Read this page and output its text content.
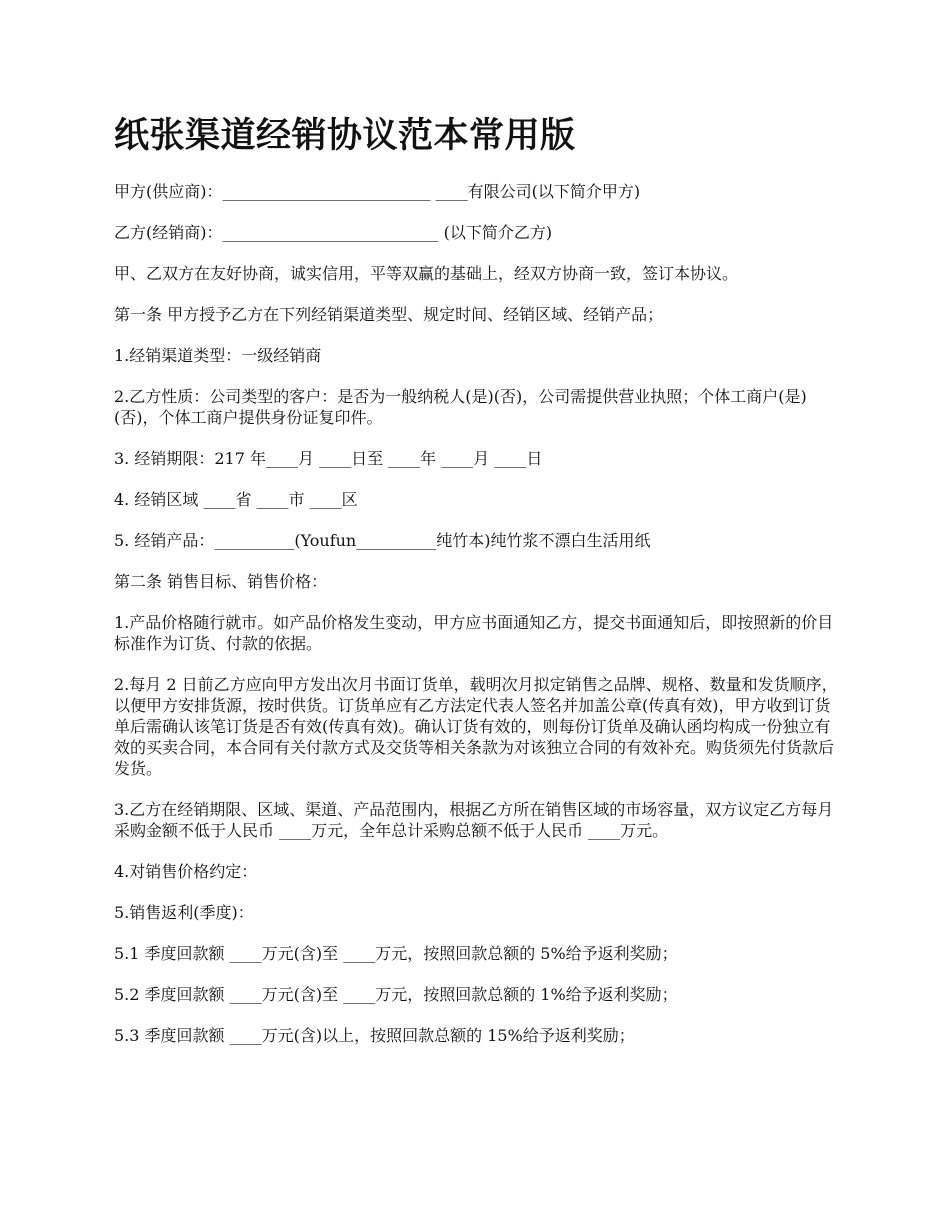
纸张渠道经销协议范本常用版

甲方(供应商)：__________________________ ____有限公司(以下简介甲方)

乙方(经销商)：___________________________ (以下简介乙方)

甲、乙双方在友好协商，诚实信用，平等双赢的基础上，经双方协商一致，签订本协议。

第一条 甲方授予乙方在下列经销渠道类型、规定时间、经销区域、经销产品；

1.经销渠道类型：一级经销商

2.乙方性质：公司类型的客户：是否为一般纳税人(是)(否)，公司需提供营业执照；个体工商户(是)(否)，个体工商户提供身份证复印件。

3. 经销期限：217 年____月 ____日至 ____年 ____月 ____日

4. 经销区域 ____省 ____市 ____区

5. 经销产品：__________(Youfun__________纯竹本)纯竹浆不漂白生活用纸

第二条 销售目标、销售价格：

1.产品价格随行就市。如产品价格发生变动，甲方应书面通知乙方，提交书面通知后，即按照新的价目标准作为订货、付款的依据。

2.每月 2 日前乙方应向甲方发出次月书面订货单，载明次月拟定销售之品牌、规格、数量和发货顺序，以便甲方安排货源，按时供货。订货单应有乙方法定代表人签名并加盖公章(传真有效)，甲方收到订货单后需确认该笔订货是否有效(传真有效)。确认订货有效的，则每份订货单及确认函均构成一份独立有效的买卖合同，本合同有关付款方式及交货等相关条款为对该独立合同的有效补充。购货须先付货款后发货。

3.乙方在经销期限、区域、渠道、产品范围内，根据乙方所在销售区域的市场容量，双方议定乙方每月采购金额不低于人民币 ____万元，全年总计采购总额不低于人民币 ____万元。

4.对销售价格约定：

5.销售返利(季度)：

5.1 季度回款额 ____万元(含)至 ____万元，按照回款总额的 5%给予返利奖励；

5.2 季度回款额 ____万元(含)至 ____万元，按照回款总额的 1%给予返利奖励；

5.3 季度回款额 ____万元(含)以上，按照回款总额的 15%给予返利奖励；
